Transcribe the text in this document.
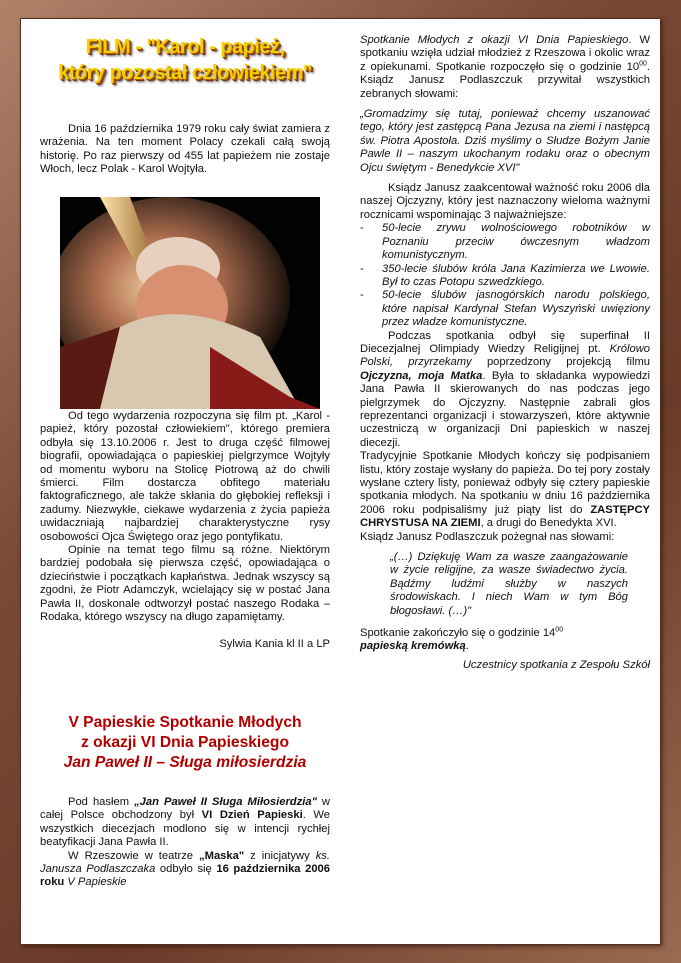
FILM - "Karol - papież,
który pozostał człowiekiem"

Dnia 16 października 1979 roku cały świat zamiera z wrażenia. Na ten moment Polacy czekali całą swoją historię. Po raz pierwszy od 455 lat papieżem nie zostaje Włoch, lecz Polak - Karol Wojtyła.

Od tego wydarzenia rozpoczyna się film pt. „Karol - papież, który pozostał człowiekiem", którego premiera odbyła się 13.10.2006 r. Jest to druga część filmowej biografii, opowiadająca o papieskiej pielgrzymce Wojtyły od momentu wyboru na Stolicę Piotrową aż do chwili śmierci. Film dostarcza obfitego materiału faktograficznego, ale także skłania do głębokiej refleksji i zadumy. Niezwykłe, ciekawe wydarzenia z życia papieża uwidaczniają najbardziej charakterystyczne rysy osobowości Ojca Świętego oraz jego pontyfikatu.

Opinie na temat tego filmu są różne. Niektórym bardziej podobała się pierwsza część, opowiadająca o dzieciństwie i początkach kapłaństwa. Jednak wszyscy są zgodni, że Piotr Adamczyk, wcielający się w postać Jana Pawła II, doskonale odtworzył postać naszego Rodaka – Rodaka, którego wszyscy na długo zapamiętamy.

Sylwia Kania kl II a LP

V Papieskie Spotkanie Młodych
z okazji VI Dnia Papieskiego
Jan Paweł II – Sługa miłosierdzia

Pod hasłem „Jan Paweł II Sługa Miłosierdzia" w całej Polsce obchodzony był VI Dzień Papieski. We wszystkich diecezjach modlono się w intencji rychłej beatyfikacji Jana Pawła II.

W Rzeszowie w teatrze „Maska" z inicjatywy ks. Janusza Podlaszczaka odbyło się 16 października 2006 roku V Papieskie

Spotkanie Młodych z okazji VI Dnia Papieskiego. W spotkaniu wzięła udział młodzież z Rzeszowa i okolic wraz z opiekunami. Spotkanie rozpoczęło się o godzinie $10^{00}$. Ksiądz Janusz Podlaszczuk przywitał wszystkich zebranych słowami:

„Gromadzimy się tutaj, ponieważ chcemy uszanować tego, który jest zastępcą Pana Jezusa na ziemi i następcą św. Piotra Apostoła. Dziś myślimy o Słudze Bożym Janie Pawle II – naszym ukochanym rodaku oraz o obecnym Ojcu świętym - Benedykcie XVI"

Ksiądz Janusz zaakcentował ważność roku 2006 dla naszej Ojczyzny, który jest naznaczony wieloma ważnymi rocznicami wspominając 3 najważniejsze:

- 50-lecie zrywu wolnościowego robotników w Poznaniu przeciw ówczesnym władzom komunistycznym.
- 350-lecie ślubów króla Jana Kazimierza we Lwowie. Był to czas Potopu szwedzkiego.
- 50-lecie ślubów jasnogórskich narodu polskiego, które napisał Kardynał Stefan Wyszyński uwięziony przez władze komunistyczne.

Podczas spotkania odbył się superfinał II Diecezjalnej Olimpiady Wiedzy Religijnej pt. Królowo Polski, przyrzekamy poprzedzony projekcją filmu Ojczyzna, moja Matka. Była to składanka wypowiedzi Jana Pawła II skierowanych do nas podczas jego pielgrzymek do Ojczyzny. Następnie zabrali głos reprezentanci organizacji i stowarzyszeń, które aktywnie uczestniczą w organizacji Dni papieskich w naszej diecezji.

Tradycyjnie Spotkanie Młodych kończy się podpisaniem listu, który zostaje wysłany do papieża. Do tej pory zostały wysłane cztery listy, ponieważ odbyły się cztery papieskie spotkania młodych. Na spotkaniu w dniu 16 października 2006 roku podpisaliśmy już piąty list do ZASTĘPCY CHRYSTUSA NA ZIEMI, a drugi do Benedykta XVI.

Ksiądz Janusz Podlaszczuk pożegnał nas słowami:

„(…) Dziękuję Wam za wasze zaangażowanie w życie religijne, za wasze świadectwo życia. Bądźmy ludźmi służby w naszych środowiskach. I niech Wam w tym Bóg błogosławi. (…)"

Spotkanie zakończyło się o godzinie $14^{00}$
papieską kremówką.

Uczestnicy spotkania z Zespołu Szkół
